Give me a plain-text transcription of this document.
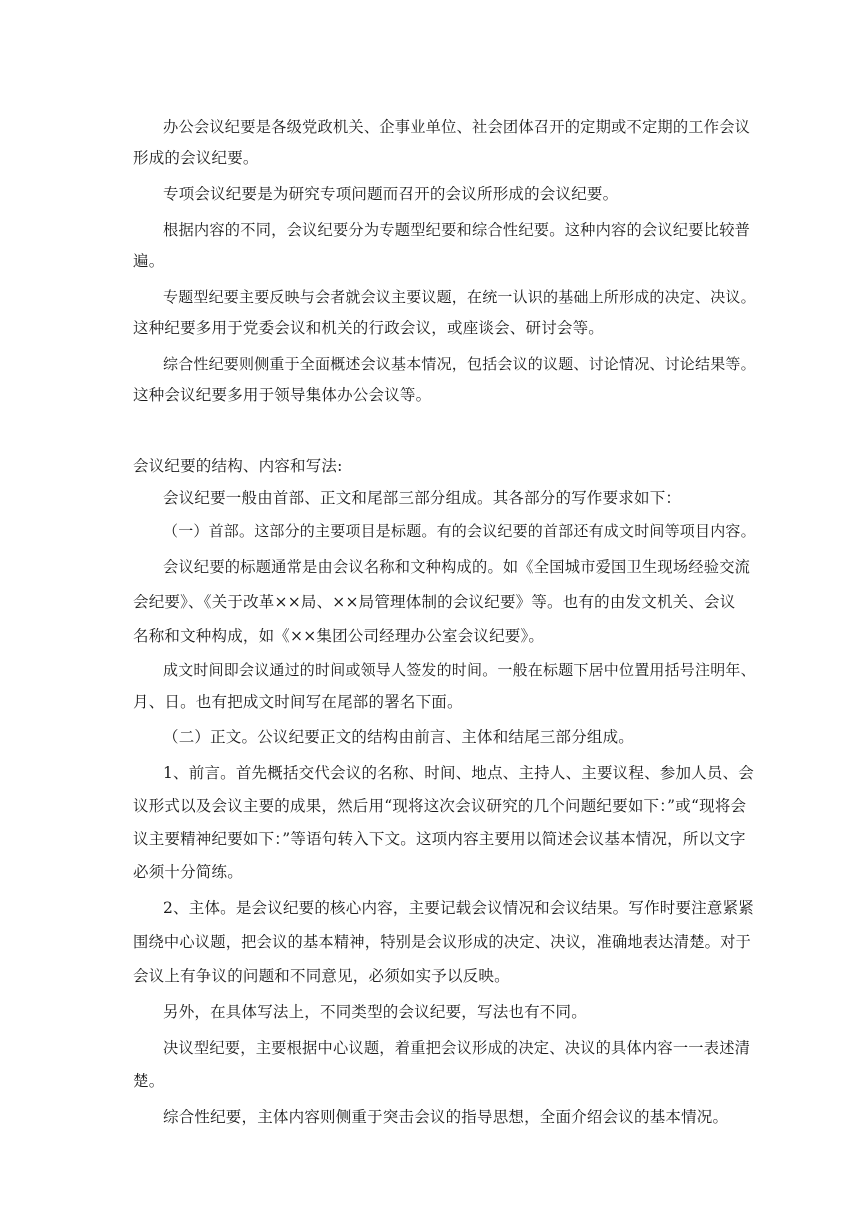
办公会议纪要是各级党政机关、企事业单位、社会团体召开的定期或不定期的工作会议
形成的会议纪要。
专项会议纪要是为研究专项问题而召开的会议所形成的会议纪要。
根据内容的不同，会议纪要分为专题型纪要和综合性纪要。这种内容的会议纪要比较普
遍。
专题型纪要主要反映与会者就会议主要议题，在统一认识的基础上所形成的决定、决议。
这种纪要多用于党委会议和机关的行政会议，或座谈会、研讨会等。
综合性纪要则侧重于全面概述会议基本情况，包括会议的议题、讨论情况、讨论结果等。
这种会议纪要多用于领导集体办公会议等。
会议纪要的结构、内容和写法:
会议纪要一般由首部、正文和尾部三部分组成。其各部分的写作要求如下：
（一）首部。这部分的主要项目是标题。有的会议纪要的首部还有成文时间等项目内容。
会议纪要的标题通常是由会议名称和文种构成的。如《全国城市爱国卫生现场经验交流
会纪要》、《关于改革××局、××局管理体制的会议纪要》等。也有的由发文机关、会议
名称和文种构成，如《××集团公司经理办公室会议纪要》。
成文时间即会议通过的时间或领导人签发的时间。一般在标题下居中位置用括号注明年、
月、日。也有把成文时间写在尾部的署名下面。
（二）正文。公议纪要正文的结构由前言、主体和结尾三部分组成。
1、前言。首先概括交代会议的名称、时间、地点、主持人、主要议程、参加人员、会
议形式以及会议主要的成果，然后用“现将这次会议研究的几个问题纪要如下：”或“现将会
议主要精神纪要如下：”等语句转入下文。这项内容主要用以简述会议基本情况，所以文字
必须十分简练。
2、主体。是会议纪要的核心内容，主要记载会议情况和会议结果。写作时要注意紧紧
围绕中心议题，把会议的基本精神，特别是会议形成的决定、决议，准确地表达清楚。对于
会议上有争议的问题和不同意见，必须如实予以反映。
另外，在具体写法上，不同类型的会议纪要，写法也有不同。
决议型纪要，主要根据中心议题，着重把会议形成的决定、决议的具体内容一一表述清
楚。
综合性纪要，主体内容则侧重于突击会议的指导思想，全面介绍会议的基本情况。
